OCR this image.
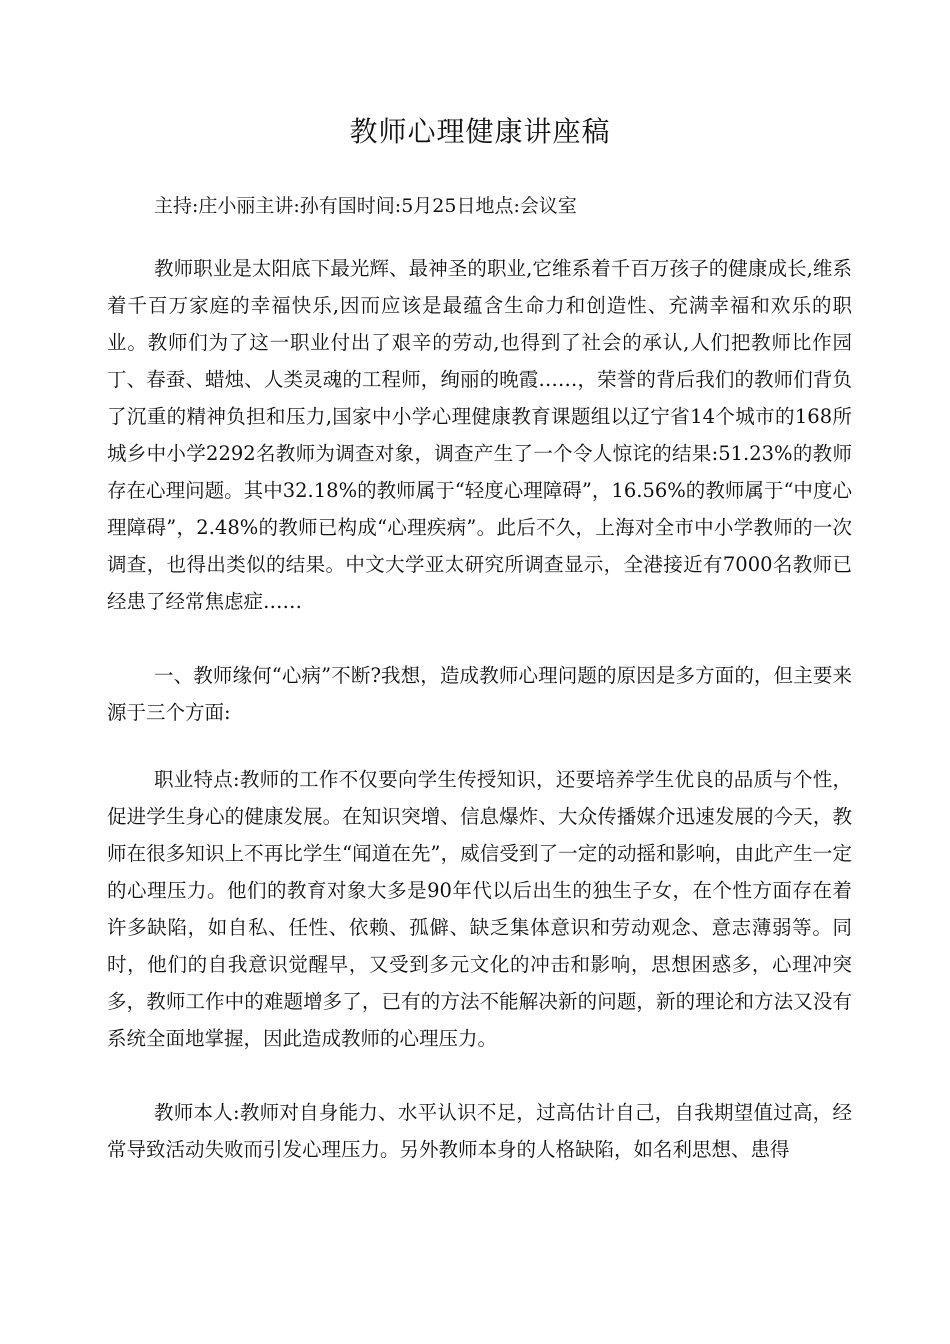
教师心理健康讲座稿
主持:庄小丽主讲:孙有国时间:5月25日地点:会议室

教师职业是太阳底下最光辉、最神圣的职业,它维系着千百万孩子的健康成长,维系着千百万家庭的幸福快乐,因而应该是最蕴含生命力和创造性、充满幸福和欢乐的职业。教师们为了这一职业付出了艰辛的劳动,也得到了社会的承认,人们把教师比作园丁、春蚕、蜡烛、人类灵魂的工程师，绚丽的晚霞……，荣誉的背后我们的教师们背负了沉重的精神负担和压力,国家中小学心理健康教育课题组以辽宁省14个城市的168所城乡中小学2292名教师为调查对象，调查产生了一个令人惊诧的结果:51.23%的教师存在心理问题。其中32.18%的教师属于“轻度心理障碍”，16.56%的教师属于“中度心理障碍”，2.48%的教师已构成“心理疾病”。此后不久，上海对全市中小学教师的一次调查，也得出类似的结果。中文大学亚太研究所调查显示，全港接近有7000名教师已经患了经常焦虑症……

一、教师缘何“心病”不断?我想，造成教师心理问题的原因是多方面的，但主要来源于三个方面:

职业特点:教师的工作不仅要向学生传授知识，还要培养学生优良的品质与个性，促进学生身心的健康发展。在知识突增、信息爆炸、大众传播媒介迅速发展的今天，教师在很多知识上不再比学生“闻道在先”，威信受到了一定的动摇和影响，由此产生一定的心理压力。他们的教育对象大多是90年代以后出生的独生子女，在个性方面存在着许多缺陷，如自私、任性、依赖、孤僻、缺乏集体意识和劳动观念、意志薄弱等。同时，他们的自我意识觉醒早，又受到多元文化的冲击和影响，思想困惑多，心理冲突多，教师工作中的难题增多了，已有的方法不能解决新的问题，新的理论和方法又没有系统全面地掌握，因此造成教师的心理压力。

教师本人:教师对自身能力、水平认识不足，过高估计自己，自我期望值过高，经常导致活动失败而引发心理压力。另外教师本身的人格缺陷，如名利思想、患得
